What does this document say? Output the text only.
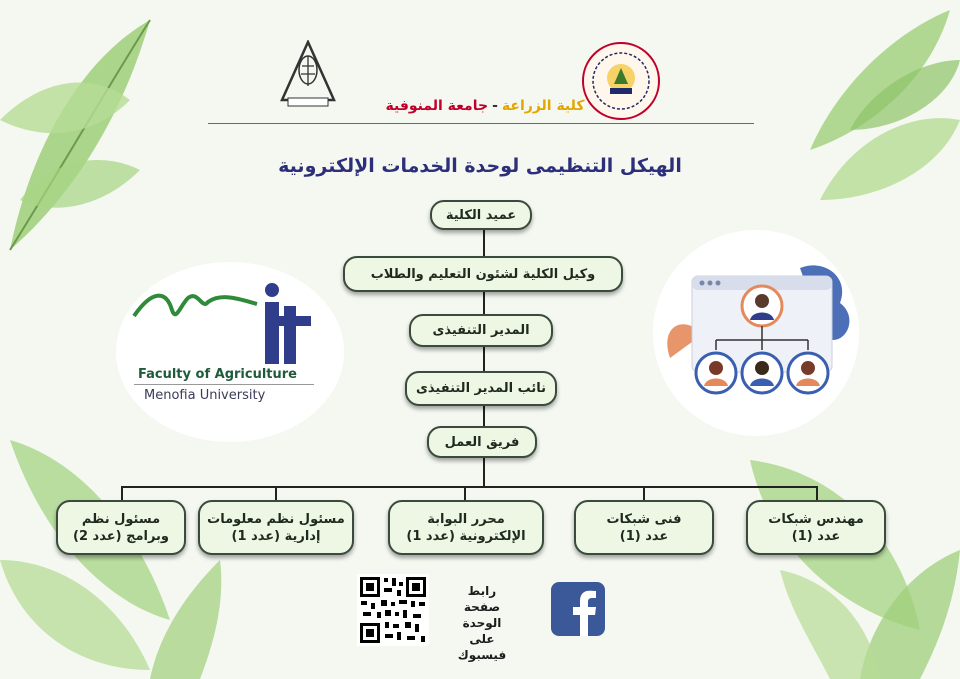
كلية الزراعة-جامعة المنوفية
الهيكل التنظيمى لوحدة الخدمات الإلكترونية
Faculty of Agriculture
Menofia University
عميد الكلية
وكيل الكلية لشئون التعليم والطلاب
المدير التنفيذى
نائب المدير التنفيذى
فريق العمل
مهندس شبكات
عدد (1)
فنى شبكات
عدد (1)
محرر البوابة
الإلكترونية (عدد 1)
مسئول نظم معلومات
إدارية (عدد 1)
مسئول نظم
وبرامج (عدد 2)
رابط صفحة
الوحدة على
فيسبوك
